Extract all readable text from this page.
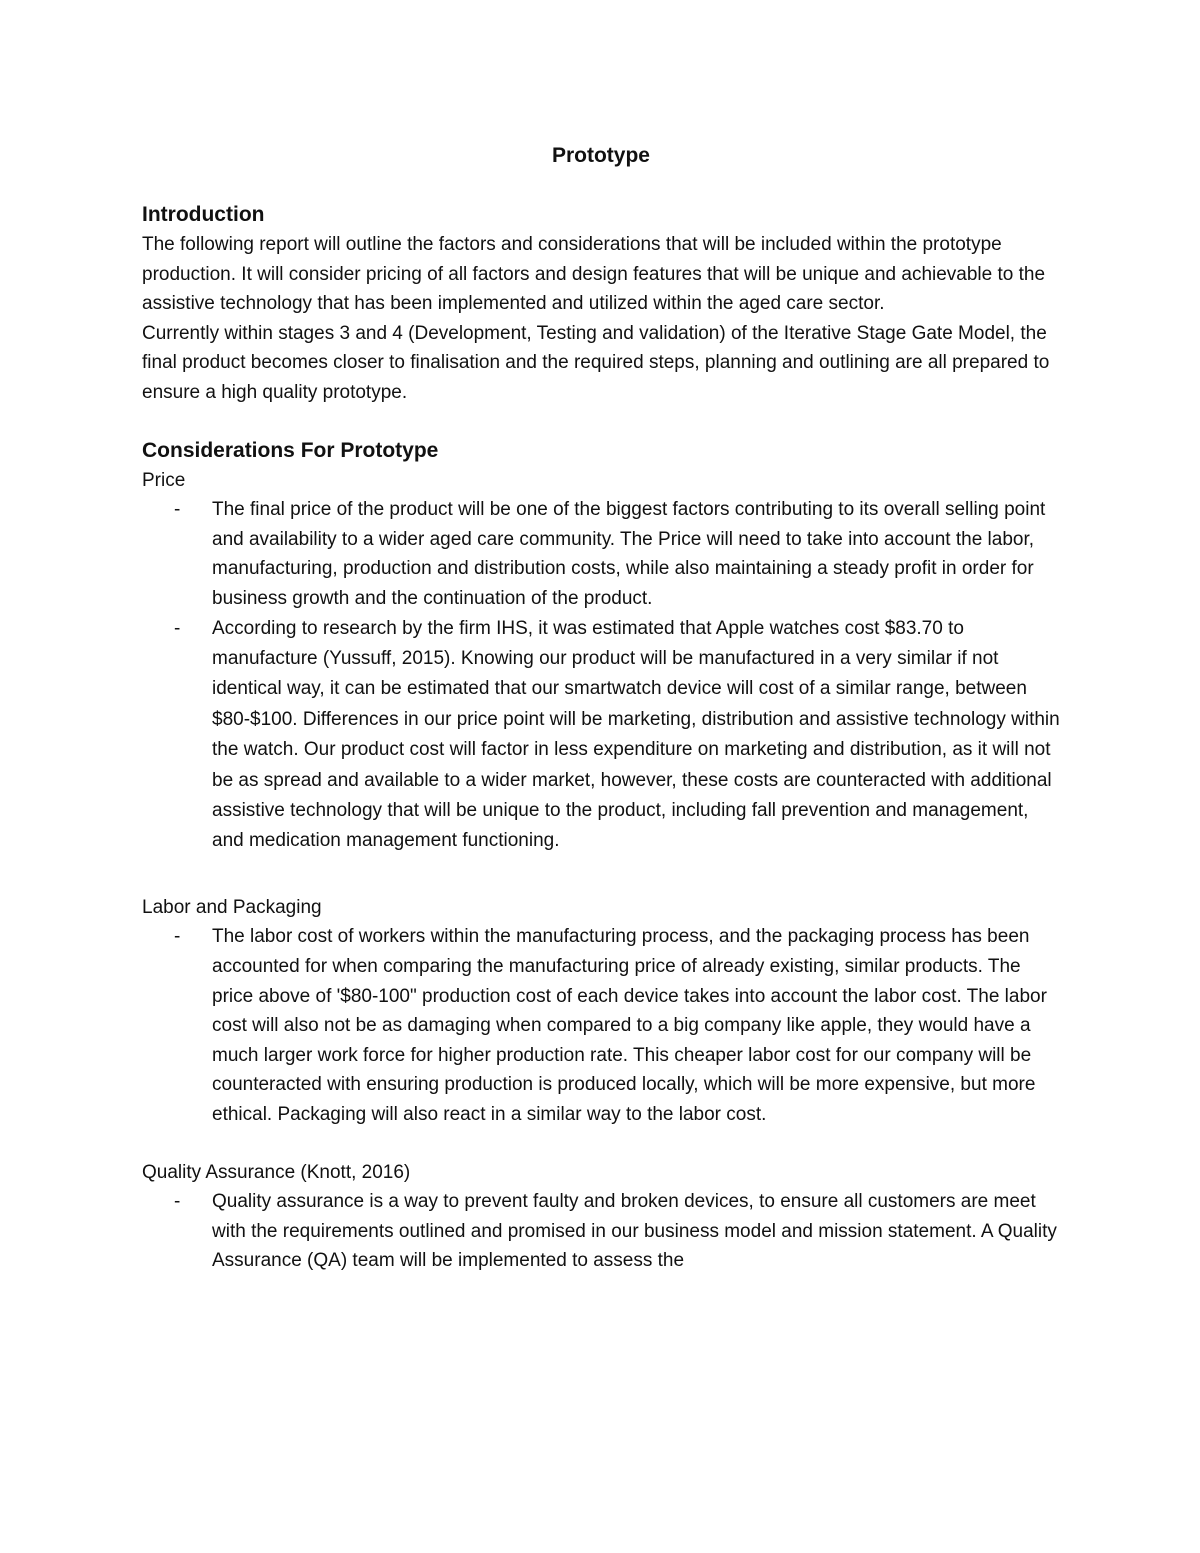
Prototype
Introduction

The following report will outline the factors and considerations that will be included within the prototype production. It will consider pricing of all factors and design features that will be unique and achievable to the assistive technology that has been implemented and utilized within the aged care sector.

Currently within stages 3 and 4 (Development, Testing and validation) of the Iterative Stage Gate Model, the final product becomes closer to finalisation and the required steps, planning and outlining are all prepared to ensure a high quality prototype.

Considerations For Prototype

Price

- The final price of the product will be one of the biggest factors contributing to its overall selling point and availability to a wider aged care community. The Price will need to take into account the labor, manufacturing, production and distribution costs, while also maintaining a steady profit in order for business growth and the continuation of the product.
- According to research by the firm IHS, it was estimated that Apple watches cost $83.70 to manufacture (Yussuff, 2015). Knowing our product will be manufactured in a very similar if not identical way, it can be estimated that our smartwatch device will cost of a similar range, between $80-$100. Differences in our price point will be marketing, distribution and assistive technology within the watch. Our product cost will factor in less expenditure on marketing and distribution, as it will not be as spread and available to a wider market, however, these costs are counteracted with additional assistive technology that will be unique to the product, including fall prevention and management, and medication management functioning.

Labor and Packaging

- The labor cost of workers within the manufacturing process, and the packaging process has been accounted for when comparing the manufacturing price of already existing, similar products. The price above of '$80-100" production cost of each device takes into account the labor cost. The labor cost will also not be as damaging when compared to a big company like apple, they would have a much larger work force for higher production rate. This cheaper labor cost for our company will be counteracted with ensuring production is produced locally, which will be more expensive, but more ethical. Packaging will also react in a similar way to the labor cost.

Quality Assurance (Knott, 2016)

- Quality assurance is a way to prevent faulty and broken devices, to ensure all customers are meet with the requirements outlined and promised in our business model and mission statement. A Quality Assurance (QA) team will be implemented to assess the
